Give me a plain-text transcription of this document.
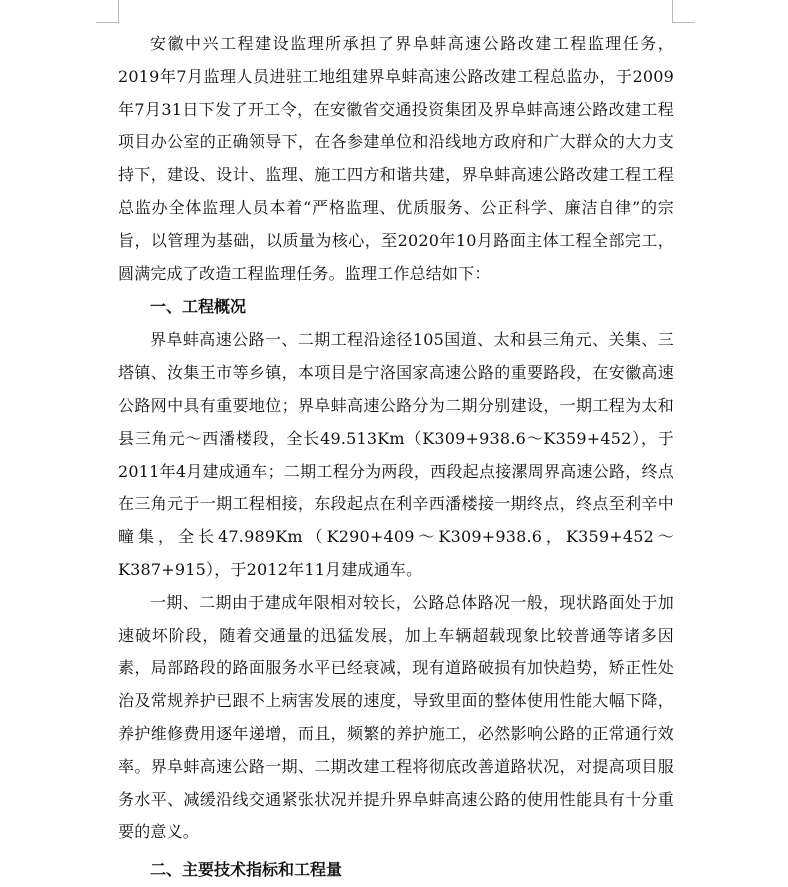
安徽中兴工程建设监理所承担了界阜蚌高速公路改建工程监理任务，2019年7月监理人员进驻工地组建界阜蚌高速公路改建工程总监办，于2009年7月31日下发了开工令，在安徽省交通投资集团及界阜蚌高速公路改建工程项目办公室的正确领导下，在各参建单位和沿线地方政府和广大群众的大力支持下，建设、设计、监理、施工四方和谐共建，界阜蚌高速公路改建工程工程总监办全体监理人员本着“严格监理、优质服务、公正科学、廉洁自律”的宗旨，以管理为基础，以质量为核心，至2020年10月路面主体工程全部完工，圆满完成了改造工程监理任务。监理工作总结如下：

一、工程概况

界阜蚌高速公路一、二期工程沿途径105国道、太和县三角元、关集、三塔镇、汝集王市等乡镇，本项目是宁洛国家高速公路的重要路段，在安徽高速公路网中具有重要地位；界阜蚌高速公路分为二期分别建设，一期工程为太和县三角元～西潘楼段，全长49.513Km（K309+938.6～K359+452），于2011年4月建成通车；二期工程分为两段，西段起点接漯周界高速公路，终点在三角元于一期工程相接，东段起点在利辛西潘楼接一期终点，终点至利辛中疃集，全长47.989Km（K290+409～K309+938.6，K359+452～K387+915），于2012年11月建成通车。

一期、二期由于建成年限相对较长，公路总体路况一般，现状路面处于加速破坏阶段，随着交通量的迅猛发展，加上车辆超载现象比较普通等诸多因素，局部路段的路面服务水平已经衰减，现有道路破损有加快趋势，矫正性处治及常规养护已跟不上病害发展的速度，导致里面的整体使用性能大幅下降，养护维修费用逐年递增，而且，频繁的养护施工，必然影响公路的正常通行效率。界阜蚌高速公路一期、二期改建工程将彻底改善道路状况，对提高项目服务水平、减缓沿线交通紧张状况并提升界阜蚌高速公路的使用性能具有十分重要的意义。

二、主要技术指标和工程量
